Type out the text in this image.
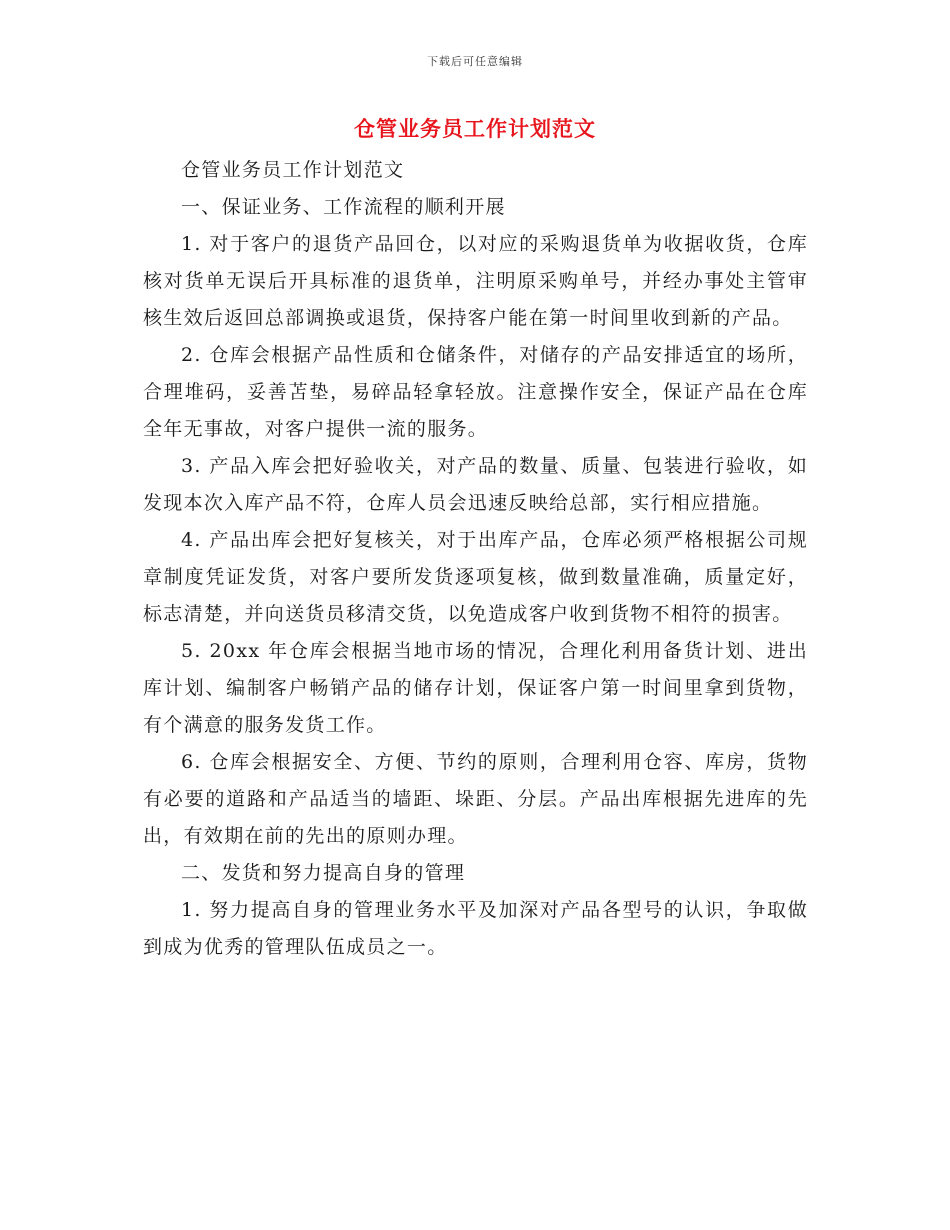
下载后可任意编辑
仓管业务员工作计划范文

仓管业务员工作计划范文

一、保证业务、工作流程的顺利开展

1. 对于客户的退货产品回仓，以对应的采购退货单为收据收货，仓库核对货单无误后开具标准的退货单，注明原采购单号，并经办事处主管审核生效后返回总部调换或退货，保持客户能在第一时间里收到新的产品。

2. 仓库会根据产品性质和仓储条件，对储存的产品安排适宜的场所，合理堆码，妥善苫垫，易碎品轻拿轻放。注意操作安全，保证产品在仓库全年无事故，对客户提供一流的服务。

3. 产品入库会把好验收关，对产品的数量、质量、包装进行验收，如发现本次入库产品不符，仓库人员会迅速反映给总部，实行相应措施。

4. 产品出库会把好复核关，对于出库产品，仓库必须严格根据公司规章制度凭证发货，对客户要所发货逐项复核，做到数量准确，质量定好，标志清楚，并向送货员移清交货，以免造成客户收到货物不相符的损害。

5. 20xx 年仓库会根据当地市场的情况，合理化利用备货计划、进出库计划、编制客户畅销产品的储存计划，保证客户第一时间里拿到货物，有个满意的服务发货工作。

6. 仓库会根据安全、方便、节约的原则，合理利用仓容、库房，货物有必要的道路和产品适当的墙距、垛距、分层。产品出库根据先进库的先出，有效期在前的先出的原则办理。

二、发货和努力提高自身的管理

1. 努力提高自身的管理业务水平及加深对产品各型号的认识，争取做到成为优秀的管理队伍成员之一。
